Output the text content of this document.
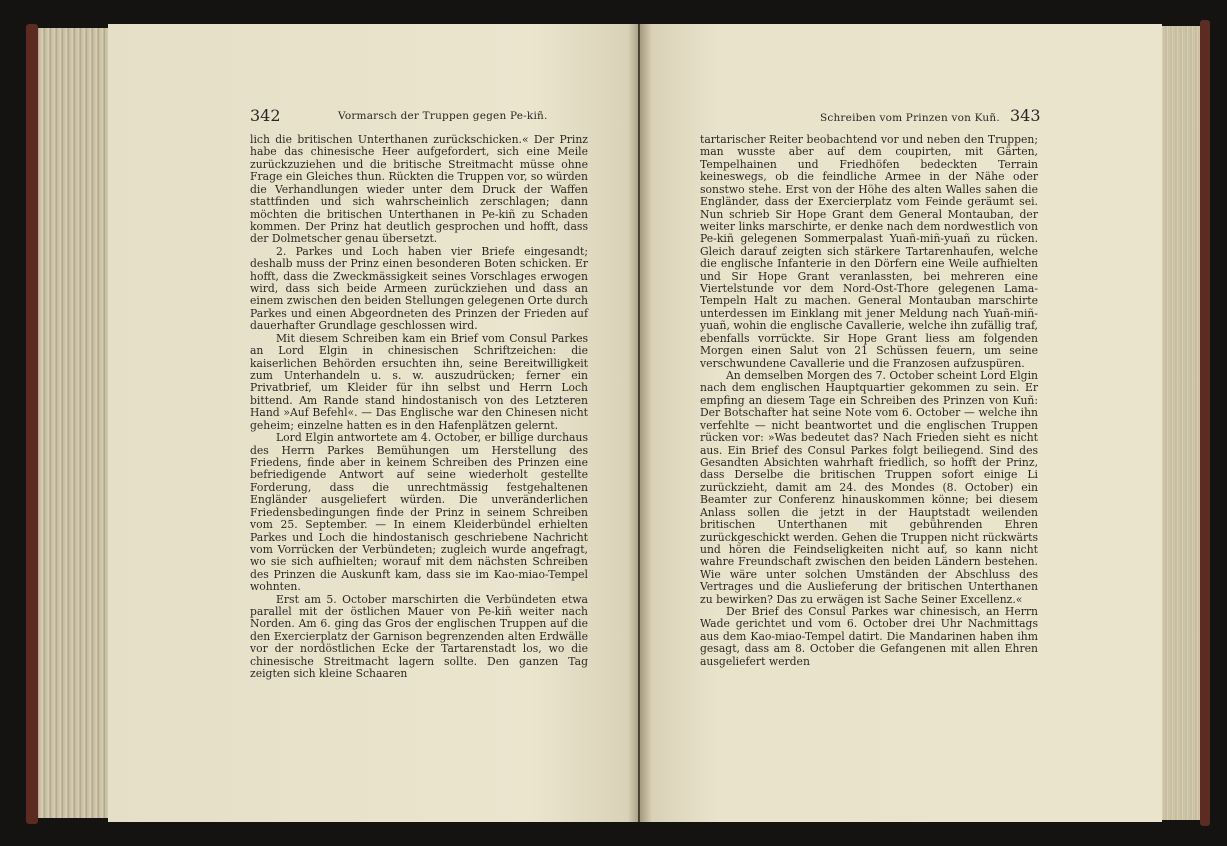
342	Vormarsch der Truppen gegen Pe-kiñ.

lich die britischen Unterthanen zurückschicken.« Der Prinz habe das chinesische Heer aufgefordert, sich eine Meile zurückzuziehen und die britische Streitmacht müsse ohne Frage ein Gleiches thun. Rückten die Truppen vor, so würden die Verhandlungen wieder unter dem Druck der Waffen stattfinden und sich wahrscheinlich zerschlagen; dann möchten die britischen Unterthanen in Pe-kiñ zu Schaden kommen. Der Prinz hat deutlich gesprochen und hofft, dass der Dolmetscher genau übersetzt.

2. Parkes und Loch haben vier Briefe eingesandt; deshalb muss der Prinz einen besonderen Boten schicken. Er hofft, dass die Zweckmässigkeit seines Vorschlages erwogen wird, dass sich beide Armeen zurückziehen und dass an einem zwischen den beiden Stellungen gelegenen Orte durch Parkes und einen Abgeordneten des Prinzen der Frieden auf dauerhafter Grundlage geschlossen wird.

Mit diesem Schreiben kam ein Brief vom Consul Parkes an Lord Elgin in chinesischen Schriftzeichen: die kaiserlichen Behörden ersuchten ihn, seine Bereitwilligkeit zum Unterhandeln u. s. w. auszudrücken; ferner ein Privatbrief, um Kleider für ihn selbst und Herrn Loch bittend. Am Rande stand hindostanisch von des Letzteren Hand »Auf Befehl«. — Das Englische war den Chinesen nicht geheim; einzelne hatten es in den Hafenplätzen gelernt.

Lord Elgin antwortete am 4. October, er billige durchaus des Herrn Parkes Bemühungen um Herstellung des Friedens, finde aber in keinem Schreiben des Prinzen eine befriedigende Antwort auf seine wiederholt gestellte Forderung, dass die unrechtmässig festgehaltenen Engländer ausgeliefert würden. Die unveränderlichen Friedensbedingungen finde der Prinz in seinem Schreiben vom 25. September. — In einem Kleiderbündel erhielten Parkes und Loch die hindostanisch geschriebene Nachricht vom Vorrücken der Verbündeten; zugleich wurde angefragt, wo sie sich aufhielten; worauf mit dem nächsten Schreiben des Prinzen die Auskunft kam, dass sie im Kao-miao-Tempel wohnten.

Erst am 5. October marschirten die Verbündeten etwa parallel mit der östlichen Mauer von Pe-kiñ weiter nach Norden. Am 6. ging das Gros der englischen Truppen auf die den Exercierplatz der Garnison begrenzenden alten Erdwälle vor der nordöstlichen Ecke der Tartarenstadt los, wo die chinesische Streitmacht lagern sollte. Den ganzen Tag zeigten sich kleine Schaaren

Schreiben vom Prinzen von Kuñ. 343

tartarischer Reiter beobachtend vor und neben den Truppen; man wusste aber auf dem coupirten, mit Gärten, Tempelhainen und Friedhöfen bedeckten Terrain keineswegs, ob die feindliche Armee in der Nähe oder sonstwo stehe. Erst von der Höhe des alten Walles sahen die Engländer, dass der Exercierplatz vom Feinde geräumt sei. Nun schrieb Sir Hope Grant dem General Montauban, der weiter links marschirte, er denke nach dem nordwestlich von Pe-kiñ gelegenen Sommerpalast Yuañ-miñ-yuañ zu rücken. Gleich darauf zeigten sich stärkere Tartarenhaufen, welche die englische Infanterie in den Dörfern eine Weile aufhielten und Sir Hope Grant veranlassten, bei mehreren eine Viertelstunde vor dem Nord-Ost-Thore gelegenen Lama-Tempeln Halt zu machen. General Montauban marschirte unterdessen im Einklang mit jener Meldung nach Yuañ-miñ-yuañ, wohin die englische Cavallerie, welche ihn zufällig traf, ebenfalls vorrückte. Sir Hope Grant liess am folgenden Morgen einen Salut von 21 Schüssen feuern, um seine verschwundene Cavallerie und die Franzosen aufzuspüren.

An demselben Morgen des 7. October scheint Lord Elgin nach dem englischen Hauptquartier gekommen zu sein. Er empfing an diesem Tage ein Schreiben des Prinzen von Kuñ: Der Botschafter hat seine Note vom 6. October — welche ihn verfehlte — nicht beantwortet und die englischen Truppen rücken vor: »Was bedeutet das? Nach Frieden sieht es nicht aus. Ein Brief des Consul Parkes folgt beiliegend. Sind des Gesandten Absichten wahrhaft friedlich, so hofft der Prinz, dass Derselbe die britischen Truppen sofort einige Li zurückzieht, damit am 24. des Mondes (8. October) ein Beamter zur Conferenz hinauskommen könne; bei diesem Anlass sollen die jetzt in der Hauptstadt weilenden britischen Unterthanen mit gebührenden Ehren zurückgeschickt werden. Gehen die Truppen nicht rückwärts und hören die Feindseligkeiten nicht auf, so kann nicht wahre Freundschaft zwischen den beiden Ländern bestehen. Wie wäre unter solchen Umständen der Abschluss des Vertrages und die Auslieferung der britischen Unterthanen zu bewirken? Das zu erwägen ist Sache Seiner Excellenz.«

Der Brief des Consul Parkes war chinesisch, an Herrn Wade gerichtet und vom 6. October drei Uhr Nachmittags aus dem Kao-miao-Tempel datirt. Die Mandarinen haben ihm gesagt, dass am 8. October die Gefangenen mit allen Ehren ausgeliefert werden
